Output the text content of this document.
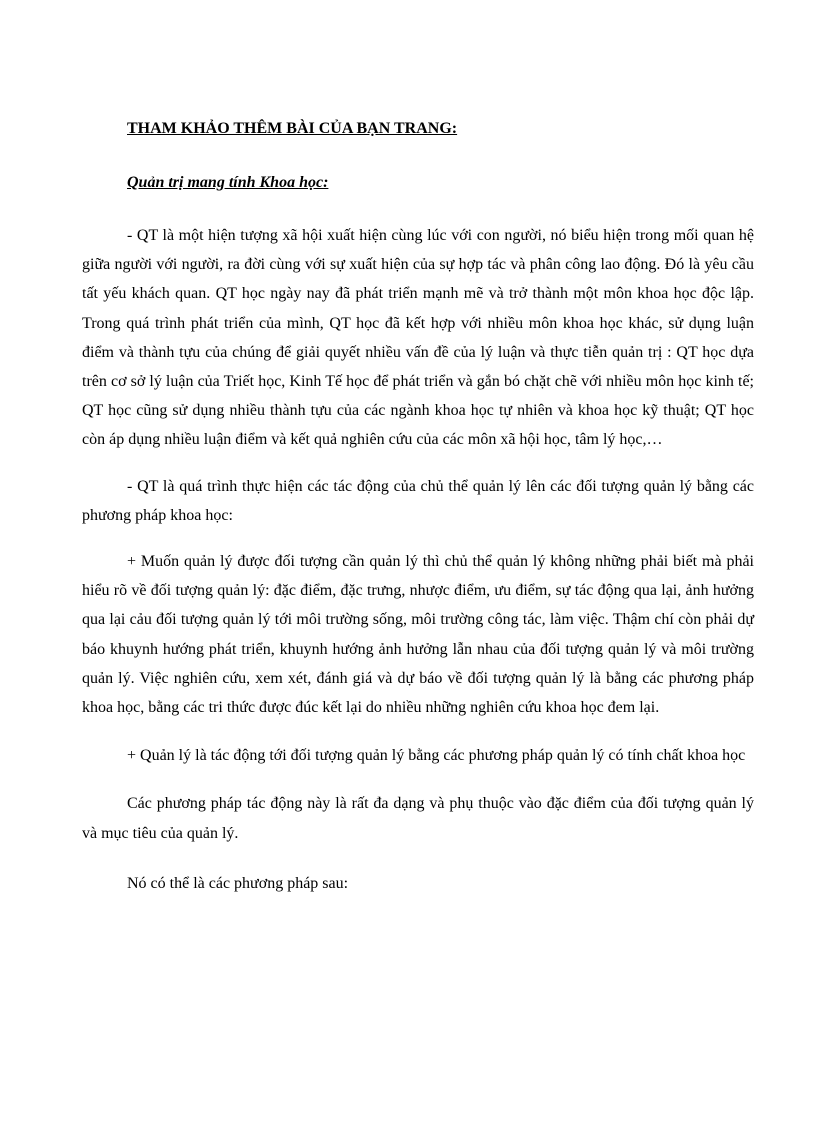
THAM KHẢO THÊM BÀI CỦA BẠN TRANG:
Quản trị mang tính Khoa học:

- QT là một hiện tượng xã hội xuất hiện cùng lúc với con người, nó biểu hiện trong mối quan hệ giữa người với người, ra đời cùng với sự xuất hiện của sự hợp tác và phân công lao động. Đó là yêu cầu tất yếu khách quan. QT học ngày nay đã phát triển mạnh mẽ và trở thành một môn khoa học độc lập. Trong quá trình phát triển của mình, QT học đã kết hợp với nhiều môn khoa học khác, sử dụng luận điểm và thành tựu của chúng để giải quyết nhiều vấn đề của lý luận và thực tiễn quản trị : QT học dựa trên cơ sở lý luận của Triết học, Kinh Tế học để phát triển và gắn bó chặt chẽ với nhiều môn học kinh tế; QT học cũng sử dụng nhiều thành tựu của các ngành khoa học tự nhiên và khoa học kỹ thuật; QT học còn áp dụng nhiều luận điểm và kết quả nghiên cứu của các môn xã hội học, tâm lý học,…

- QT là quá trình thực hiện các tác động của chủ thể quản lý lên các đối tượng quản lý bằng các phương pháp khoa học:

+ Muốn quản lý được đối tượng cần quản lý thì chủ thể quản lý không những phải biết mà phải hiểu rõ về đối tượng quản lý: đặc điểm, đặc trưng, nhược điểm, ưu điểm, sự tác động qua lại, ảnh hưởng qua lại cảu đối tượng quản lý tới môi trường sống, môi trường công tác, làm việc. Thậm chí còn phải dự báo khuynh hướng phát triển, khuynh hướng ảnh hưởng lẫn nhau của đối tượng quản lý và môi trường quản lý. Việc nghiên cứu, xem xét, đánh giá và dự báo về đối tượng quản lý là bằng các phương pháp khoa học, bằng các tri thức được đúc kết lại do nhiều những nghiên cứu khoa học đem lại.

+ Quản lý là tác động tới đối tượng quản lý bằng các phương pháp quản lý có tính chất khoa học

Các phương pháp tác động này là rất đa dạng và phụ thuộc vào đặc điểm của đối tượng quản lý và mục tiêu của quản lý.

Nó có thể là các phương pháp sau:
